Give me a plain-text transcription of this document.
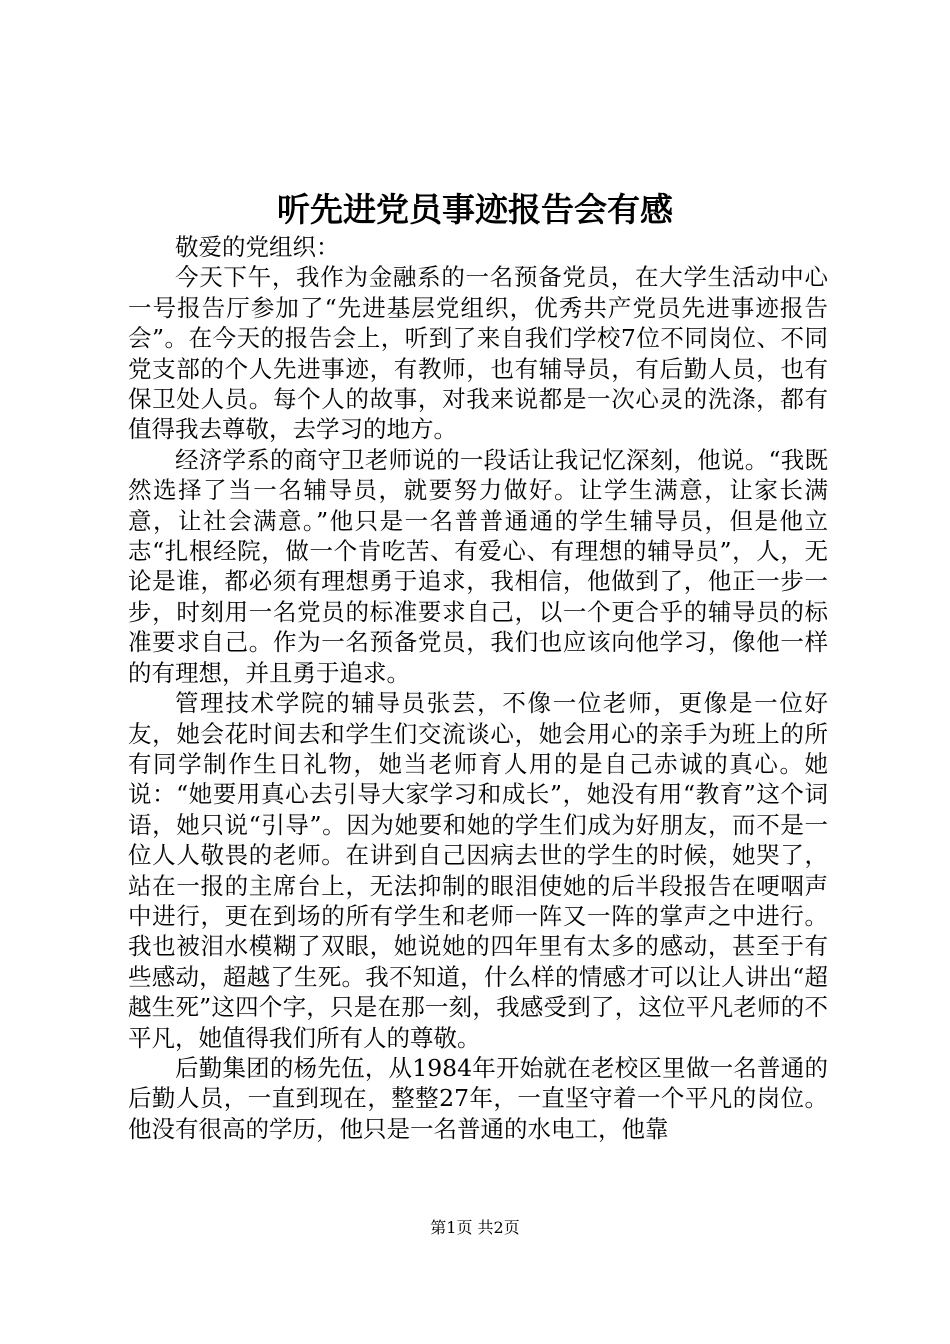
听先进党员事迹报告会有感

敬爱的党组织：

今天下午，我作为金融系的一名预备党员，在大学生活动中心一号报告厅参加了“先进基层党组织，优秀共产党员先进事迹报告会”。在今天的报告会上，听到了来自我们学校7位不同岗位、不同党支部的个人先进事迹，有教师，也有辅导员，有后勤人员，也有保卫处人员。每个人的故事，对我来说都是一次心灵的洗涤，都有值得我去尊敬，去学习的地方。

经济学系的商守卫老师说的一段话让我记忆深刻，他说。“我既然选择了当一名辅导员，就要努力做好。让学生满意，让家长满意，让社会满意。”他只是一名普普通通的学生辅导员，但是他立志“扎根经院，做一个肯吃苦、有爱心、有理想的辅导员”，人，无论是谁，都必须有理想勇于追求，我相信，他做到了，他正一步一步，时刻用一名党员的标准要求自己，以一个更合乎的辅导员的标准要求自己。作为一名预备党员，我们也应该向他学习，像他一样的有理想，并且勇于追求。

管理技术学院的辅导员张芸，不像一位老师，更像是一位好友，她会花时间去和学生们交流谈心，她会用心的亲手为班上的所有同学制作生日礼物，她当老师育人用的是自己赤诚的真心。她说：“她要用真心去引导大家学习和成长”，她没有用“教育”这个词语，她只说“引导”。因为她要和她的学生们成为好朋友，而不是一位人人敬畏的老师。在讲到自己因病去世的学生的时候，她哭了，站在一报的主席台上，无法抑制的眼泪使她的后半段报告在哽咽声中进行，更在到场的所有学生和老师一阵又一阵的掌声之中进行。我也被泪水模糊了双眼，她说她的四年里有太多的感动，甚至于有些感动，超越了生死。我不知道，什么样的情感才可以让人讲出“超越生死”这四个字，只是在那一刻，我感受到了，这位平凡老师的不平凡，她值得我们所有人的尊敬。

后勤集团的杨先伍，从1984年开始就在老校区里做一名普通的后勤人员，一直到现在，整整27年，一直坚守着一个平凡的岗位。他没有很高的学历，他只是一名普通的水电工，他靠

第1页 共2页
